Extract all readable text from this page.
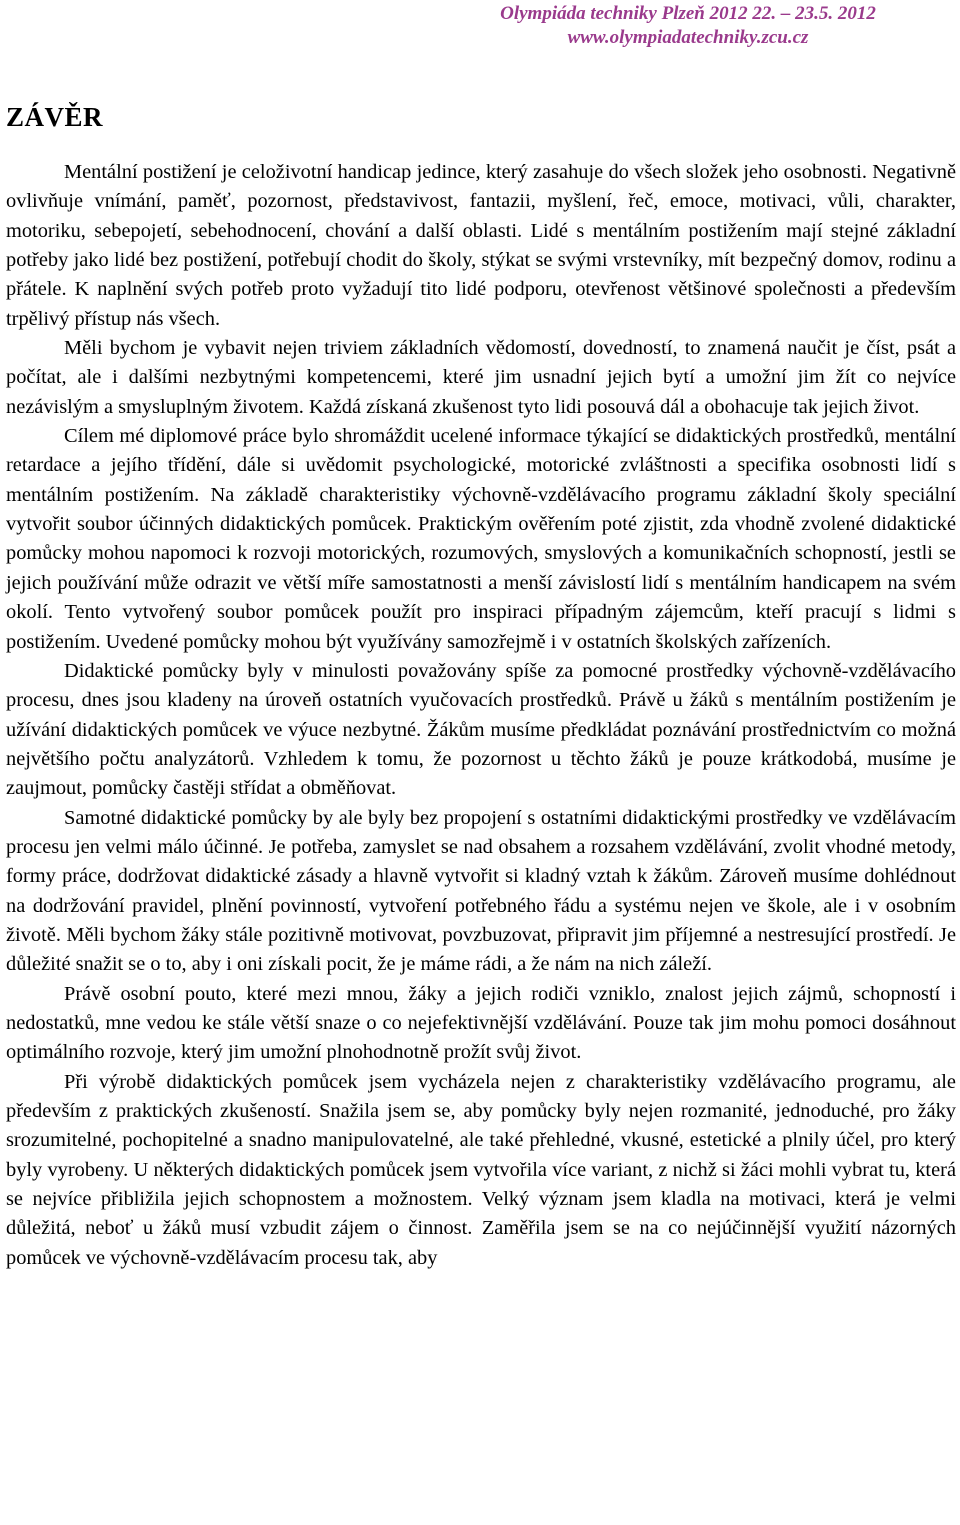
Olympiáda techniky Plzeň 2012 22. – 23.5. 2012
www.olympiadatechniky.zcu.cz
ZÁVĚR

Mentální postižení je celoživotní handicap jedince, který zasahuje do všech složek jeho osobnosti. Negativně ovlivňuje vnímání, paměť, pozornost, představivost, fantazii, myšlení, řeč, emoce, motivaci, vůli, charakter, motoriku, sebepojetí, sebehodnocení, chování a další oblasti. Lidé s mentálním postižením mají stejné základní potřeby jako lidé bez postižení, potřebují chodit do školy, stýkat se svými vrstevníky, mít bezpečný domov, rodinu a přátele. K naplnění svých potřeb proto vyžadují tito lidé podporu, otevřenost většinové společnosti a především trpělivý přístup nás všech.

Měli bychom je vybavit nejen triviem základních vědomostí, dovedností, to znamená naučit je číst, psát a počítat, ale i dalšími nezbytnými kompetencemi, které jim usnadní jejich bytí a umožní jim žít co nejvíce nezávislým a smysluplným životem. Každá získaná zkušenost tyto lidi posouvá dál a obohacuje tak jejich život.

Cílem mé diplomové práce bylo shromáždit ucelené informace týkající se didaktických prostředků, mentální retardace a jejího třídění, dále si uvědomit psychologické, motorické zvláštnosti a specifika osobnosti lidí s mentálním postižením. Na základě charakteristiky výchovně-vzdělávacího programu základní školy speciální vytvořit soubor účinných didaktických pomůcek. Praktickým ověřením poté zjistit, zda vhodně zvolené didaktické pomůcky mohou napomoci k rozvoji motorických, rozumových, smyslových a komunikačních schopností, jestli se jejich používání může odrazit ve větší míře samostatnosti a menší závislostí lidí s mentálním handicapem na svém okolí. Tento vytvořený soubor pomůcek použít pro inspiraci případným zájemcům, kteří pracují s lidmi s postižením. Uvedené pomůcky mohou být využívány samozřejmě i v ostatních školských zařízeních.

Didaktické pomůcky byly v minulosti považovány spíše za pomocné prostředky výchovně-vzdělávacího procesu, dnes jsou kladeny na úroveň ostatních vyučovacích prostředků. Právě u žáků s mentálním postižením je užívání didaktických pomůcek ve výuce nezbytné. Žákům musíme předkládat poznávání prostřednictvím co možná největšího počtu analyzátorů. Vzhledem k tomu, že pozornost u těchto žáků je pouze krátkodobá, musíme je zaujmout, pomůcky častěji střídat a obměňovat.

Samotné didaktické pomůcky by ale byly bez propojení s ostatními didaktickými prostředky ve vzdělávacím procesu jen velmi málo účinné. Je potřeba, zamyslet se nad obsahem a rozsahem vzdělávání, zvolit vhodné metody, formy práce, dodržovat didaktické zásady a hlavně vytvořit si kladný vztah k žákům. Zároveň musíme dohlédnout na dodržování pravidel, plnění povinností, vytvoření potřebného řádu a systému nejen ve škole, ale i v osobním životě. Měli bychom žáky stále pozitivně motivovat, povzbuzovat, připravit jim příjemné a nestresující prostředí. Je důležité snažit se o to, aby i oni získali pocit, že je máme rádi, a že nám na nich záleží.

Právě osobní pouto, které mezi mnou, žáky a jejich rodiči vzniklo, znalost jejich zájmů, schopností i nedostatků, mne vedou ke stále větší snaze o co nejefektivnější vzdělávání. Pouze tak jim mohu pomoci dosáhnout optimálního rozvoje, který jim umožní plnohodnotně prožít svůj život.

Při výrobě didaktických pomůcek jsem vycházela nejen z charakteristiky vzdělávacího programu, ale především z praktických zkušeností. Snažila jsem se, aby pomůcky byly nejen rozmanité, jednoduché, pro žáky srozumitelné, pochopitelné a snadno manipulovatelné, ale také přehledné, vkusné, estetické a plnily účel, pro který byly vyrobeny. U některých didaktických pomůcek jsem vytvořila více variant, z nichž si žáci mohli vybrat tu, která se nejvíce přibližila jejich schopnostem a možnostem. Velký význam jsem kladla na motivaci, která je velmi důležitá, neboť u žáků musí vzbudit zájem o činnost. Zaměřila jsem se na co nejúčinnější využití názorných pomůcek ve výchovně-vzdělávacím procesu tak, aby
